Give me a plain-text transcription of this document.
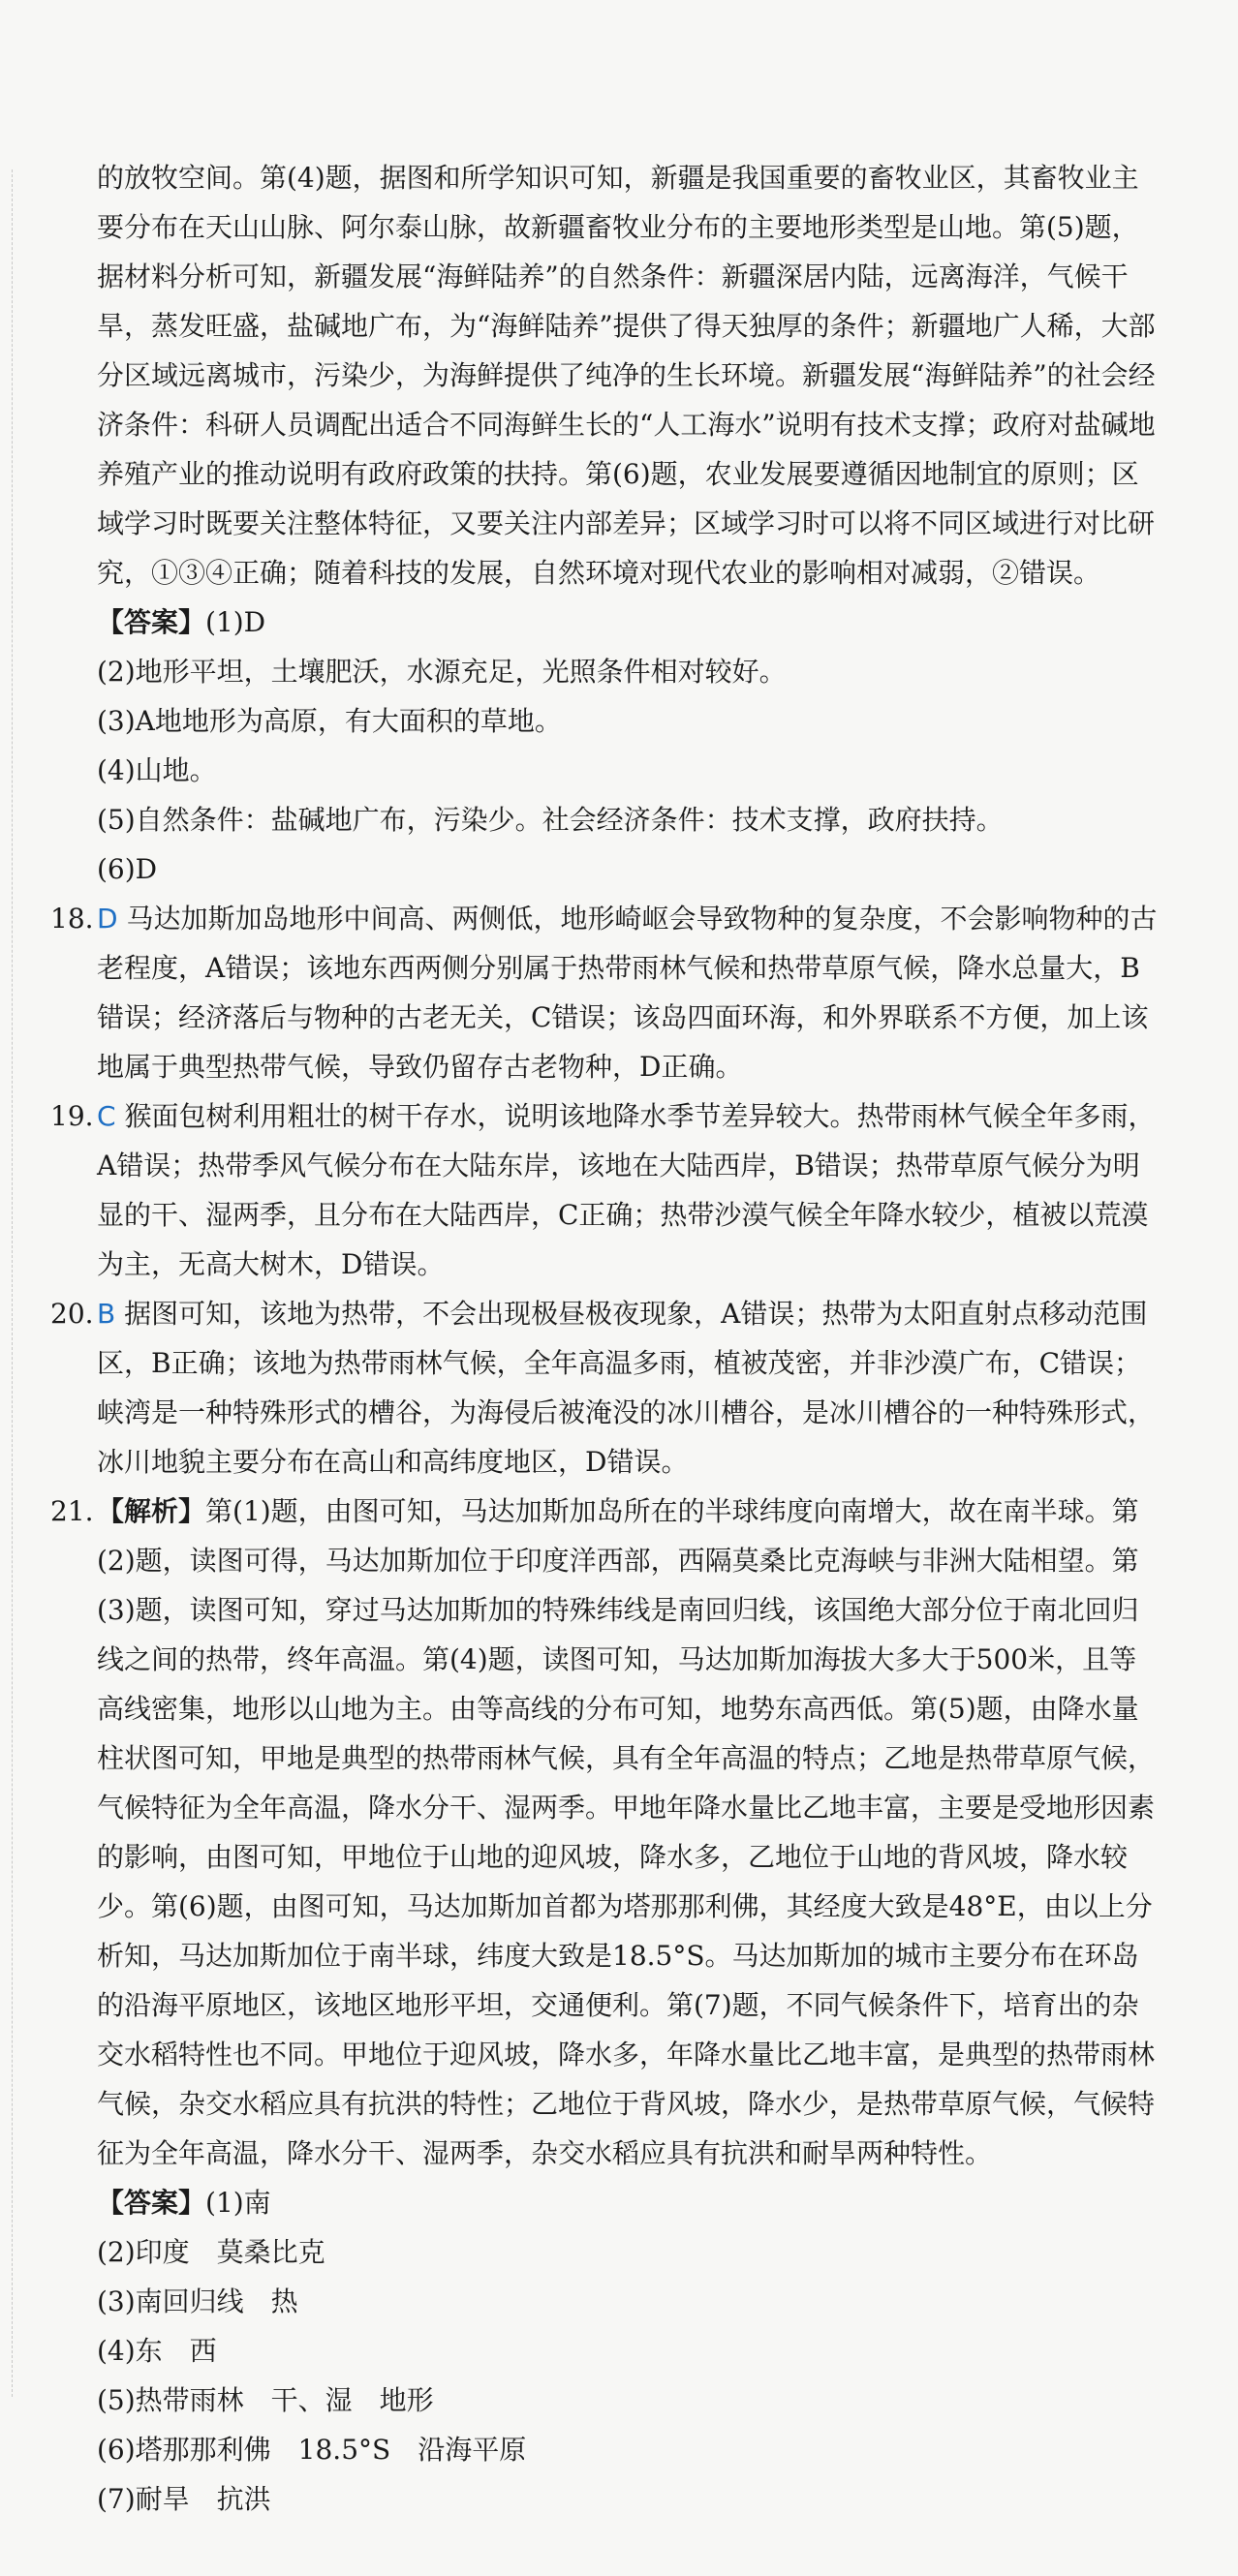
的放牧空间。第(4)题，据图和所学知识可知，新疆是我国重要的畜牧业区，其畜牧业主要分布在天山山脉、阿尔泰山脉，故新疆畜牧业分布的主要地形类型是山地。第(5)题，据材料分析可知，新疆发展“海鲜陆养”的自然条件：新疆深居内陆，远离海洋，气候干旱，蒸发旺盛，盐碱地广布，为“海鲜陆养”提供了得天独厚的条件；新疆地广人稀，大部分区域远离城市，污染少，为海鲜提供了纯净的生长环境。新疆发展“海鲜陆养”的社会经济条件：科研人员调配出适合不同海鲜生长的“人工海水”说明有技术支撑；政府对盐碱地养殖产业的推动说明有政府政策的扶持。第(6)题，农业发展要遵循因地制宜的原则；区域学习时既要关注整体特征，又要关注内部差异；区域学习时可以将不同区域进行对比研究，①③④正确；随着科技的发展，自然环境对现代农业的影响相对减弱，②错误。

【答案】(1)D

(2)地形平坦，土壤肥沃，水源充足，光照条件相对较好。

(3)A地地形为高原，有大面积的草地。

(4)山地。

(5)自然条件：盐碱地广布，污染少。社会经济条件：技术支撑，政府扶持。

(6)D

18. D 马达加斯加岛地形中间高、两侧低，地形崎岖会导致物种的复杂度，不会影响物种的古老程度，A错误；该地东西两侧分别属于热带雨林气候和热带草原气候，降水总量大，B错误；经济落后与物种的古老无关，C错误；该岛四面环海，和外界联系不方便，加上该地属于典型热带气候，导致仍留存古老物种，D正确。

19. C 猴面包树利用粗壮的树干存水，说明该地降水季节差异较大。热带雨林气候全年多雨，A错误；热带季风气候分布在大陆东岸，该地在大陆西岸，B错误；热带草原气候分为明显的干、湿两季，且分布在大陆西岸，C正确；热带沙漠气候全年降水较少，植被以荒漠为主，无高大树木，D错误。

20. B 据图可知，该地为热带，不会出现极昼极夜现象，A错误；热带为太阳直射点移动范围区，B正确；该地为热带雨林气候，全年高温多雨，植被茂密，并非沙漠广布，C错误；峡湾是一种特殊形式的槽谷，为海侵后被淹没的冰川槽谷，是冰川槽谷的一种特殊形式，冰川地貌主要分布在高山和高纬度地区，D错误。

21. 【解析】第(1)题，由图可知，马达加斯加岛所在的半球纬度向南增大，故在南半球。第(2)题，读图可得，马达加斯加位于印度洋西部，西隔莫桑比克海峡与非洲大陆相望。第(3)题，读图可知，穿过马达加斯加的特殊纬线是南回归线，该国绝大部分位于南北回归线之间的热带，终年高温。第(4)题，读图可知，马达加斯加海拔大多大于500米，且等高线密集，地形以山地为主。由等高线的分布可知，地势东高西低。第(5)题，由降水量柱状图可知，甲地是典型的热带雨林气候，具有全年高温的特点；乙地是热带草原气候，气候特征为全年高温，降水分干、湿两季。甲地年降水量比乙地丰富，主要是受地形因素的影响，由图可知，甲地位于山地的迎风坡，降水多，乙地位于山地的背风坡，降水较少。第(6)题，由图可知，马达加斯加首都为塔那那利佛，其经度大致是48°E，由以上分析知，马达加斯加位于南半球，纬度大致是18.5°S。马达加斯加的城市主要分布在环岛的沿海平原地区，该地区地形平坦，交通便利。第(7)题，不同气候条件下，培育出的杂交水稻特性也不同。甲地位于迎风坡，降水多，年降水量比乙地丰富，是典型的热带雨林气候，杂交水稻应具有抗洪的特性；乙地位于背风坡，降水少，是热带草原气候，气候特征为全年高温，降水分干、湿两季，杂交水稻应具有抗洪和耐旱两种特性。

【答案】(1)南

(2)印度　莫桑比克

(3)南回归线　热

(4)东　西

(5)热带雨林　干、湿　地形

(6)塔那那利佛　18.5°S　沿海平原

(7)耐旱　抗洪
